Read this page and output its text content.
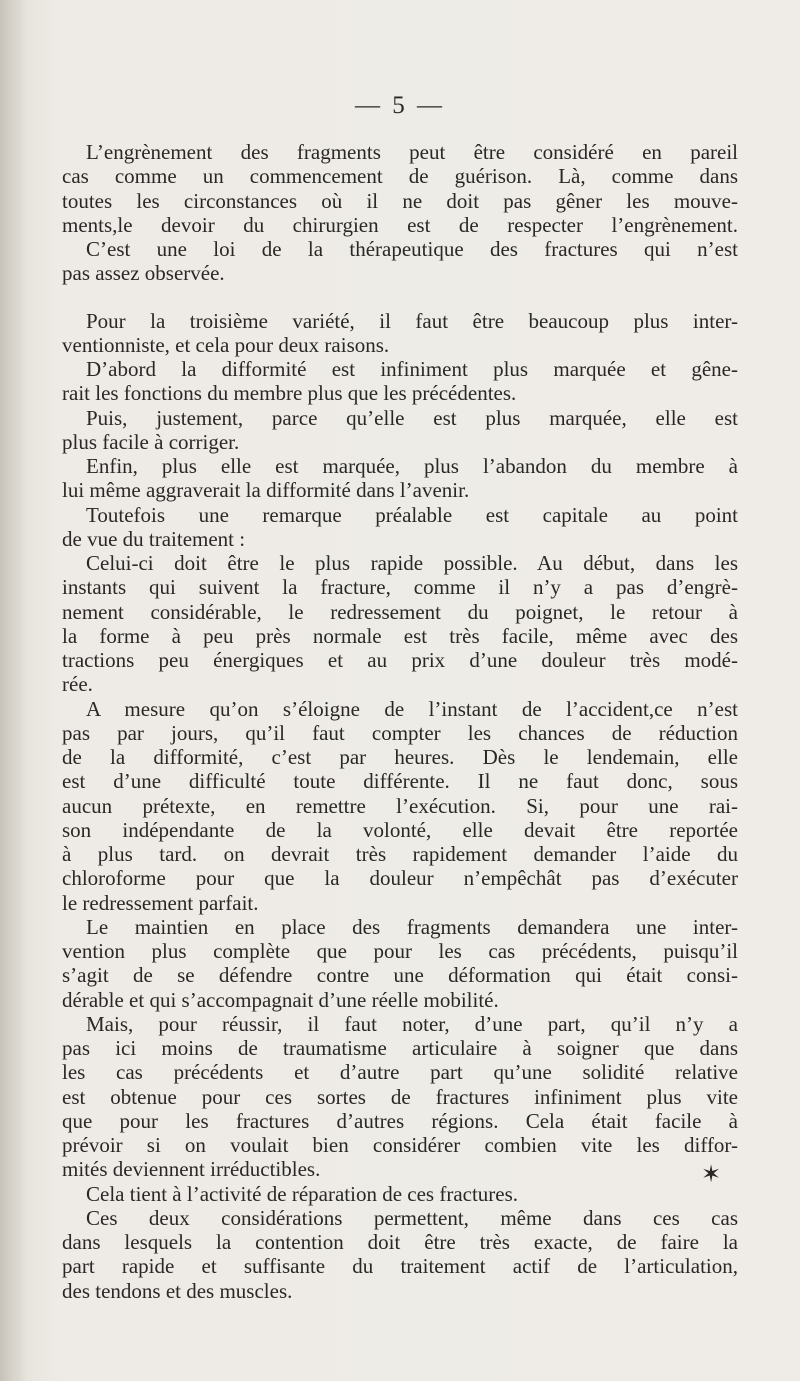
— 5 —
L’engrènement des fragments peut être considéré en pareil
cas comme un commencement de guérison. Là, comme dans
toutes les circonstances où il ne doit pas gêner les mouve-
ments,le devoir du chirurgien est de respecter l’engrènement.
C’est une loi de la thérapeutique des fractures qui n’est
pas assez observée.
Pour la troisième variété, il faut être beaucoup plus inter-
ventionniste, et cela pour deux raisons.
D’abord la difformité est infiniment plus marquée et gêne-
rait les fonctions du membre plus que les précédentes.
Puis, justement, parce qu’elle est plus marquée, elle est
plus facile à corriger.
Enfin, plus elle est marquée, plus l’abandon du membre à
lui même aggraverait la difformité dans l’avenir.
Toutefois une remarque préalable est capitale au point
de vue du traitement :
Celui-ci doit être le plus rapide possible. Au début, dans les
instants qui suivent la fracture, comme il n’y a pas d’engrè-
nement considérable, le redressement du poignet, le retour à
la forme à peu près normale est très facile, même avec des
tractions peu énergiques et au prix d’une douleur très modé-
rée.
A mesure qu’on s’éloigne de l’instant de l’accident,ce n’est
pas par jours, qu’il faut compter les chances de réduction
de la difformité, c’est par heures. Dès le lendemain, elle
est d’une difficulté toute différente. Il ne faut donc, sous
aucun prétexte, en remettre l’exécution. Si, pour une rai-
son indépendante de la volonté, elle devait être reportée
à plus tard. on devrait très rapidement demander l’aide du
chloroforme pour que la douleur n’empêchât pas d’exécuter
le redressement parfait.
Le maintien en place des fragments demandera une inter-
vention plus complète que pour les cas précédents, puisqu’il
s’agit de se défendre contre une déformation qui était consi-
dérable et qui s’accompagnait d’une réelle mobilité.
Mais, pour réussir, il faut noter, d’une part, qu’il n’y a
pas ici moins de traumatisme articulaire à soigner que dans
les cas précédents et d’autre part qu’une solidité relative
est obtenue pour ces sortes de fractures infiniment plus vite
que pour les fractures d’autres régions. Cela était facile à
prévoir si on voulait bien considérer combien vite les diffor-
mités deviennent irréductibles.
Cela tient à l’activité de réparation de ces fractures.
Ces deux considérations permettent, même dans ces cas
dans lesquels la contention doit être très exacte, de faire la
part rapide et suffisante du traitement actif de l’articulation,
des tendons et des muscles.
✶
